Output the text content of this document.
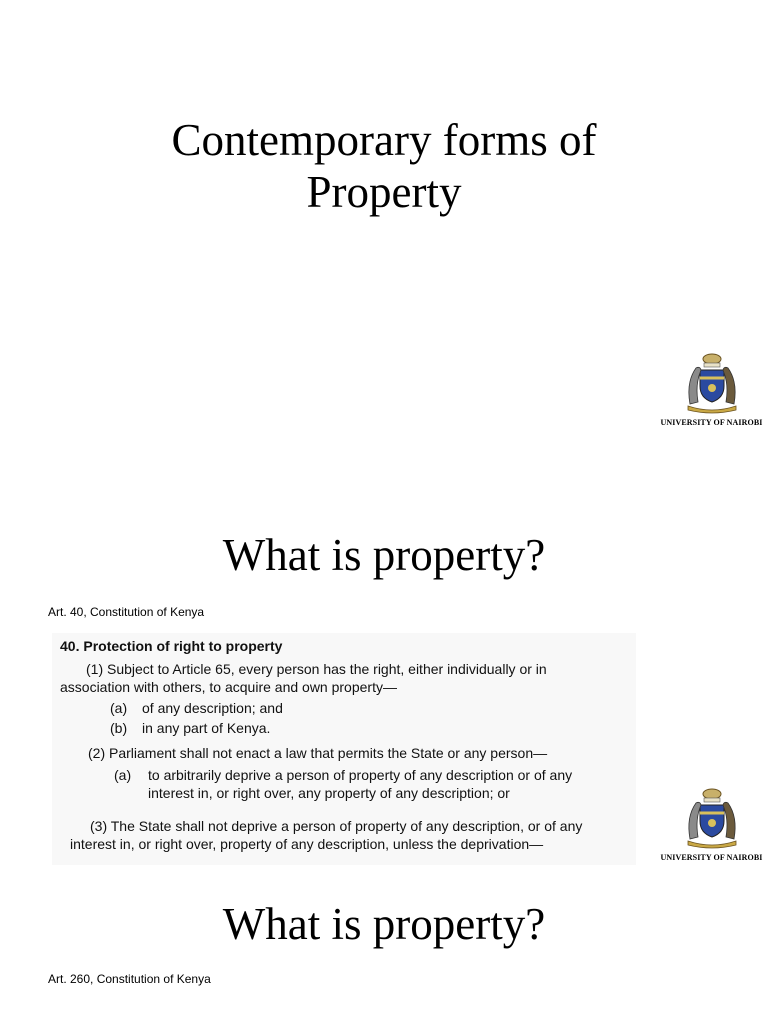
Contemporary forms of
Property
UNIVERSITY OF NAIROBI
What is property?
Art. 40, Constitution of Kenya
40. Protection of right to property
(1) Subject to Article 65, every person has the right, either individually or in association with others, to acquire and own property—
(a)	of any description; and
(b)	in any part of Kenya.
(2) Parliament shall not enact a law that permits the State or any person—
(a)	to arbitrarily deprive a person of property of any description or of any interest in, or right over, any property of any description; or
(3) The State shall not deprive a person of property of any description, or of any interest in, or right over, property of any description, unless the deprivation—
UNIVERSITY OF NAIROBI
What is property?
Art. 260, Constitution of Kenya
